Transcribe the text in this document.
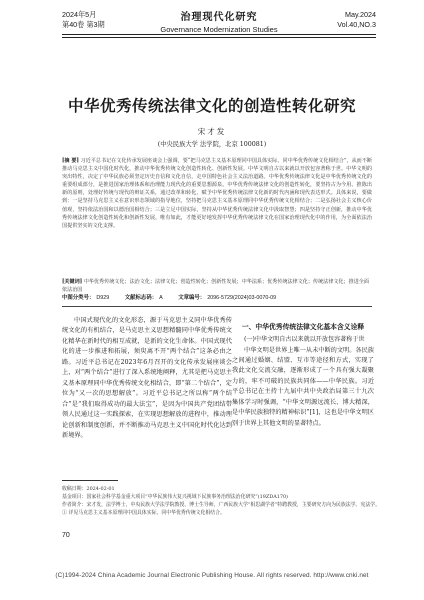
2024年5月
第40卷 第3期
治理现代化研究
Governance Modernization Studies
May.2024
Vol.40,NO.3
中华优秀传统法律文化的创造性转化研究
宋才发
(中央民族大学 法学院，北京 100081)
[摘 要] 习近平总书记在文化传承发展座谈会上强调，要“把马克思主义基本原理同中国具体实际、同中华优秀传统文化相结合”，从而不断推动马克思主义中国化时代化，推动中华优秀传统文化创造性转化、创新性发展。中华文明自古以来就以开放包容著称于世。中华文明的突出特性，决定了中华民族必须坚定历史自信和文化自信，走中国特色社会主义法治道路。中华优秀传统法律文化是中华优秀传统文化的重要组成部分，是推进国家治理体系和治理能力现代化的重要思想源泉。中华优秀传统法律文化的创造性转化，要坚持古为今用、推陈出新的原则，处理好传统与现代的辩证关系，通过改革和转化，赋予中华优秀传统法律文化新的时代内涵和现代表达形式。具体来说，要做到：一是坚持马克思主义在意识形态领域的指导地位，坚持把马克思主义基本原理同中华优秀传统文化相结合；二是弘扬社会主义核心价值观，坚持依法治国和以德治国相结合；三是立足中国实际，坚持从中华优秀传统法律文化中汲取智慧；四是坚持守正创新，推动中华优秀传统法律文化创造性转化和创新性发展。唯有如此，才能更好地发挥中华优秀传统法律文化在国家治理现代化中的作用，为全面依法治国提供坚实的文化支撑。
[关键词] 中华优秀传统文化；法治文化；法律文化；创造性转化；创新性发展；中华法系；优秀传统法律文化；传统法律文化；推进全面依法治国
中图分类号： D929	文献标志码： A	文章编号： 2096-5729(2024)03-0070-09

中国式现代化的文化形态，源于马克思主义同中华优秀传统文化的有机结合，是马克思主义思想精髓同中华优秀传统文化精华在新时代的相互成就，是新的文化生命体。中国式现代化的进一步推进和拓展，须臾离不开“两个结合”这条必由之路。习近平总书记在2023年6月召开的文化传承发展座谈会上，对“两个结合”进行了深入系统地阐释，尤其是把马克思主义基本原理同中华优秀传统文化相结合，即“第二个结合”，定位为“又一次的思想解放”。习近平总书记之所以称“两个结合”是“我们取得成功的最大法宝”，是因为中国共产党团结带领人民通过这一实践探索，在实现思想解放的进程中，推动理论创新和制度创新，并不断推动马克思主义中国化时代化达到新境界。

一、中华优秀传统法律文化基本含义诠释
(一)中华文明自古以来就以开放包容著称于世

中华文明是世界上唯一从未中断的文明。各民族之间通过婚姻、结盟、互市等途径和方式，实现了我此文化交流交融，逐渐形成了一个具有强大凝聚力的，牢不可破的民族共同体——中华民族。习近平总书记在主持十九届中共中央政治局第三十九次集体学习时强调，“中华文明源远流长、博大精深，是中华民族独特的精神标识”[1]，这也是中华文明区别于世界上其他文明的显著特点。

收稿日期：2024-02-01
基金项目：国家社会科学基金重大项目“中华民族伟大复兴视域下民族事务治理法治化研究”(19ZDA170)
作者简介：宋才发，法学博士，中央民族大学法学院教授、博士生导师，广西民族大学“相思湖学者”特聘教授，主要研究方向为民族法学、宪法学。
① 详见马克思主义基本原理同中国具体实际，同中华优秀传统文化相结合。
70
(C)1994-2024 China Academic Journal Electronic Publishing House. All rights reserved. http://www.cnki.net
